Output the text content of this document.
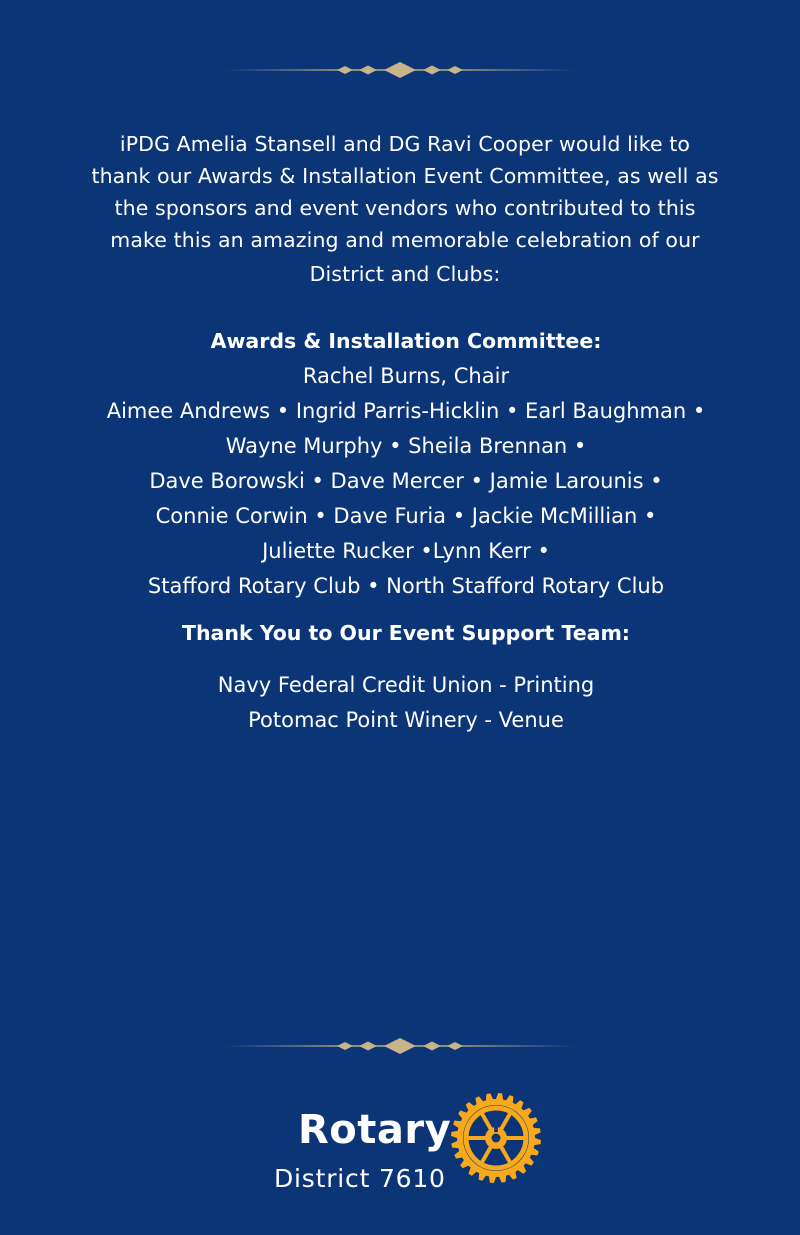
iPDG Amelia Stansell and DG Ravi Cooper would like to
thank our Awards & Installation Event Committee, as well as
the sponsors and event vendors who contributed to this
make this an amazing and memorable celebration of our
District and Clubs:
Awards & Installation Committee:
Rachel Burns, Chair
Aimee Andrews • Ingrid Parris-Hicklin • Earl Baughman •
Wayne Murphy • Sheila Brennan •
Dave Borowski • Dave Mercer • Jamie Larounis •
Connie Corwin • Dave Furia • Jackie McMillian •
Juliette Rucker •Lynn Kerr •
Stafford Rotary Club • North Stafford Rotary Club
Thank You to Our Event Support Team:
Navy Federal Credit Union - Printing
Potomac Point Winery - Venue
Rotary
District 7610
